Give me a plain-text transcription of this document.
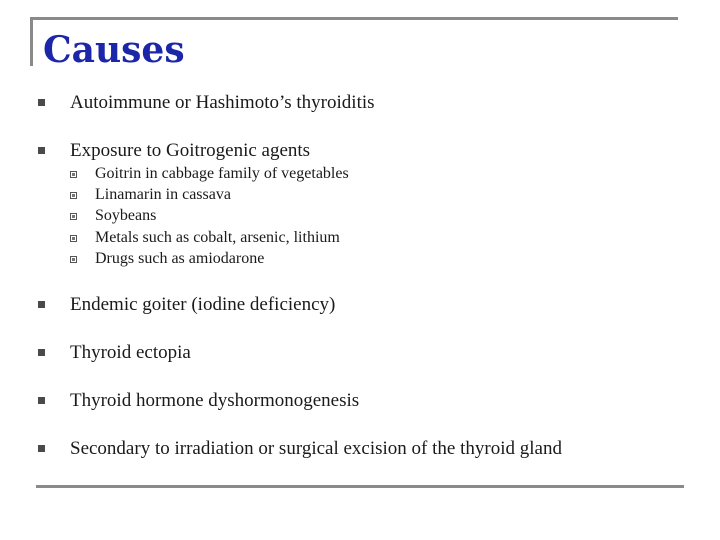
Causes
Autoimmune or Hashimoto’s thyroiditis
Exposure to Goitrogenic agents
Goitrin in cabbage family of vegetables
Linamarin in cassava
Soybeans
Metals such as cobalt, arsenic, lithium
Drugs such as amiodarone
Endemic goiter (iodine deficiency)
Thyroid ectopia
Thyroid hormone dyshormonogenesis
Secondary to irradiation or surgical excision of the thyroid gland
